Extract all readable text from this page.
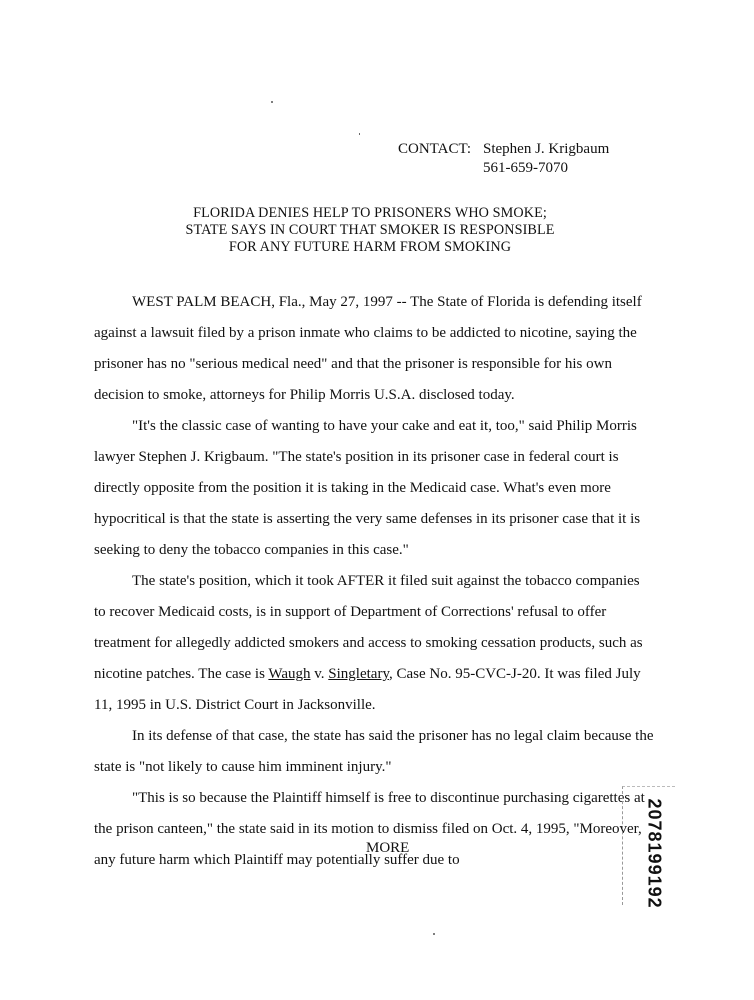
CONTACT: Stephen J. Krigbaum
561-659-7070
FLORIDA DENIES HELP TO PRISONERS WHO SMOKE;
STATE SAYS IN COURT THAT SMOKER IS RESPONSIBLE
FOR ANY FUTURE HARM FROM SMOKING

WEST PALM BEACH, Fla., May 27, 1997 -- The State of Florida is defending itself against a lawsuit filed by a prison inmate who claims to be addicted to nicotine, saying the prisoner has no "serious medical need" and that the prisoner is responsible for his own decision to smoke, attorneys for Philip Morris U.S.A. disclosed today.

"It's the classic case of wanting to have your cake and eat it, too," said Philip Morris lawyer Stephen J. Krigbaum. "The state's position in its prisoner case in federal court is directly opposite from the position it is taking in the Medicaid case. What's even more hypocritical is that the state is asserting the very same defenses in its prisoner case that it is seeking to deny the tobacco companies in this case."

The state's position, which it took AFTER it filed suit against the tobacco companies to recover Medicaid costs, is in support of Department of Corrections' refusal to offer treatment for allegedly addicted smokers and access to smoking cessation products, such as nicotine patches. The case is Waugh v. Singletary, Case No. 95-CVC-J-20. It was filed July 11, 1995 in U.S. District Court in Jacksonville.

In its defense of that case, the state has said the prisoner has no legal claim because the state is "not likely to cause him imminent injury."

"This is so because the Plaintiff himself is free to discontinue purchasing cigarettes at the prison canteen," the state said in its motion to dismiss filed on Oct. 4, 1995, "Moreover, any future harm which Plaintiff may potentially suffer due to

MORE	2078199192
